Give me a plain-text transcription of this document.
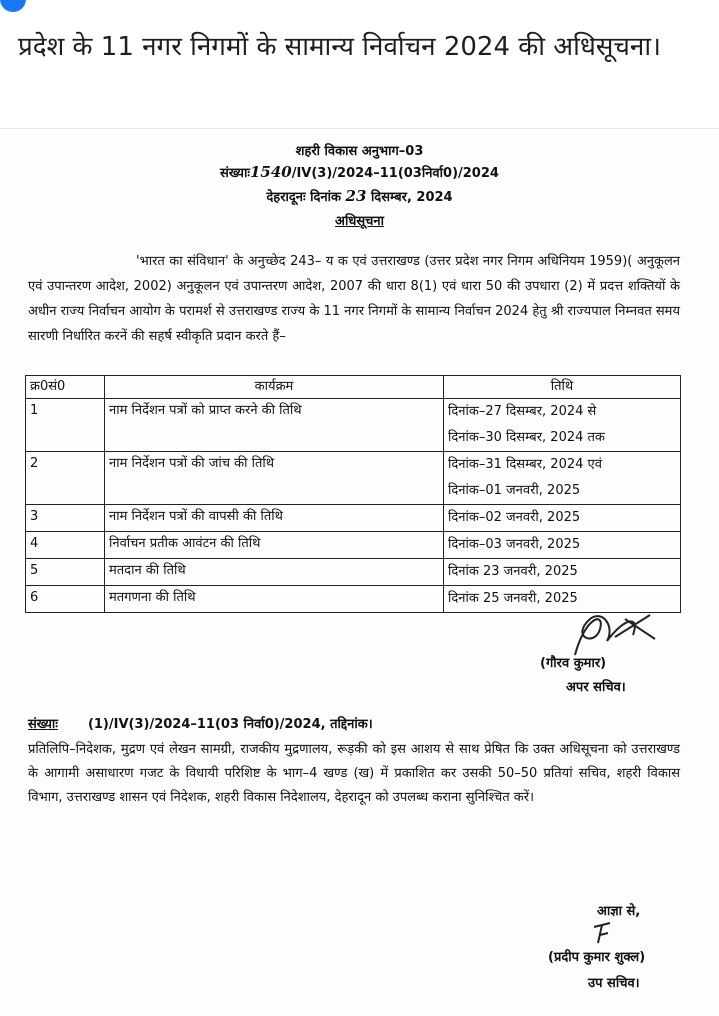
प्रदेश के 11 नगर निगमों के सामान्य निर्वाचन 2024 की अधिसूचना।
शहरी विकास अनुभाग–03
संख्याः1540/IV(3)/2024–11(03निर्वा0)/2024
देहरादूनः दिनांक 23 दिसम्बर, 2024
अधिसूचना
'भारत का संविधान' के अनुच्छेद 243– य क एवं उत्तराखण्ड (उत्तर प्रदेश नगर निगम अधिनियम 1959)( अनुकूलन एवं उपान्तरण आदेश, 2002) अनुकूलन एवं उपान्तरण आदेश, 2007 की धारा 8(1) एवं धारा 50 की उपधारा (2) में प्रदत्त शक्तियों के अधीन राज्य निर्वाचन आयोग के परामर्श से उत्तराखण्ड राज्य के 11 नगर निगमों के सामान्य निर्वाचन 2024 हेतु श्री राज्यपाल निम्नवत समय सारणी निर्धारित करनें की सहर्ष स्वीकृति प्रदान करते हैं–
क्र0सं0	कार्यक्रम	तिथि
1	नाम निर्देशन पत्रों को प्राप्त करने की तिथि	दिनांक–27 दिसम्बर, 2024 से
दिनांक–30 दिसम्बर, 2024 तक

2	नाम निर्देशन पत्रों की जांच की तिथि	दिनांक–31 दिसम्बर, 2024 एवं
दिनांक–01 जनवरी, 2025

3	नाम निर्देशन पत्रों की वापसी की तिथि	दिनांक–02 जनवरी, 2025

4	निर्वाचन प्रतीक आवंटन की तिथि	दिनांक–03 जनवरी, 2025

5	मतदान की तिथि	दिनांक 23 जनवरी, 2025

6	मतगणना की तिथि	दिनांक 25 जनवरी, 2025
(गौरव कुमार)
अपर सचिव।
संख्याः (1)/IV(3)/2024–11(03 निर्वा0)/2024, तद्दिनांक।
प्रतिलिपि–निदेशक, मुद्रण एवं लेखन सामग्री, राजकीय मुद्रणालय, रूड़की को इस आशय से साथ प्रेषित कि उक्त अधिसूचना को उत्तराखण्ड के आगामी असाधारण गजट के विधायी परिशिष्ट के भाग–4 खण्ड (ख) में प्रकाशित कर उसकी 50–50 प्रतियां सचिव, शहरी विकास विभाग, उत्तराखण्ड शासन एवं निदेशक, शहरी विकास निदेशालय, देहरादून को उपलब्ध कराना सुनिश्चित करें।
आज्ञा से,
(प्रदीप कुमार शुक्ल)
उप सचिव।
